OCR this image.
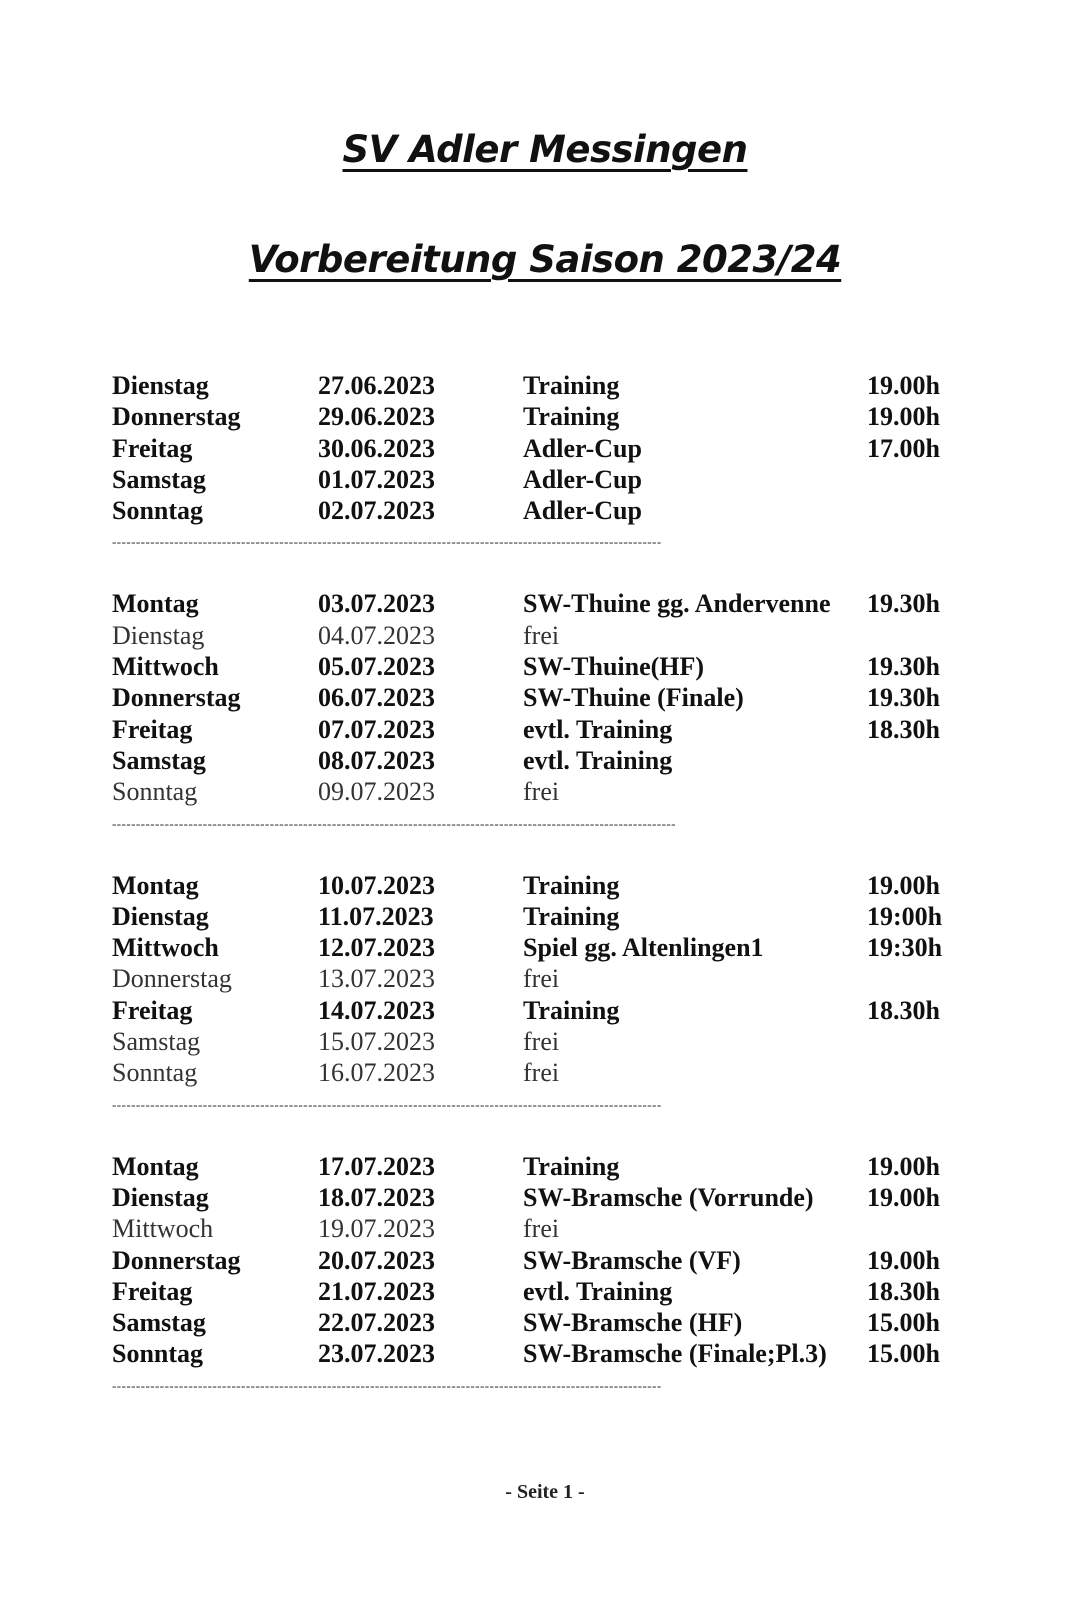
SV Adler Messingen
Vorbereitung Saison 2023/24
Dienstag	27.06.2023	Training	19.00h
Donnerstag	29.06.2023	Training	19.00h
Freitag	30.06.2023	Adler-Cup	17.00h
Samstag	01.07.2023	Adler-Cup
Sonntag	02.07.2023	Adler-Cup
-------------------------------------------------------------------------------------------------------------------
Montag	03.07.2023	SW-Thuine gg. Andervenne 19.30h
Dienstag	04.07.2023	frei
Mittwoch	05.07.2023	SW-Thuine(HF)	19.30h
Donnerstag	06.07.2023	SW-Thuine (Finale)	19.30h
Freitag	07.07.2023	evtl. Training	18.30h
Samstag	08.07.2023	evtl. Training
Sonntag	09.07.2023	frei
----------------------------------------------------------------------------------------------------------------------
Montag	10.07.2023	Training	19.00h
Dienstag	11.07.2023	Training	19:00h
Mittwoch	12.07.2023	Spiel gg. Altenlingen1	19:30h
Donnerstag	13.07.2023	frei
Freitag	14.07.2023	Training	18.30h
Samstag	15.07.2023	frei
Sonntag	16.07.2023	frei
-------------------------------------------------------------------------------------------------------------------
Montag	17.07.2023	Training	19.00h
Dienstag	18.07.2023	SW-Bramsche (Vorrunde) 19.00h
Mittwoch	19.07.2023	frei
Donnerstag	20.07.2023	SW-Bramsche (VF)	19.00h
Freitag	21.07.2023	evtl. Training	18.30h
Samstag	22.07.2023	SW-Bramsche (HF)	15.00h
Sonntag	23.07.2023	SW-Bramsche (Finale;Pl.3) 15.00h
-------------------------------------------------------------------------------------------------------------------
- Seite 1 -
